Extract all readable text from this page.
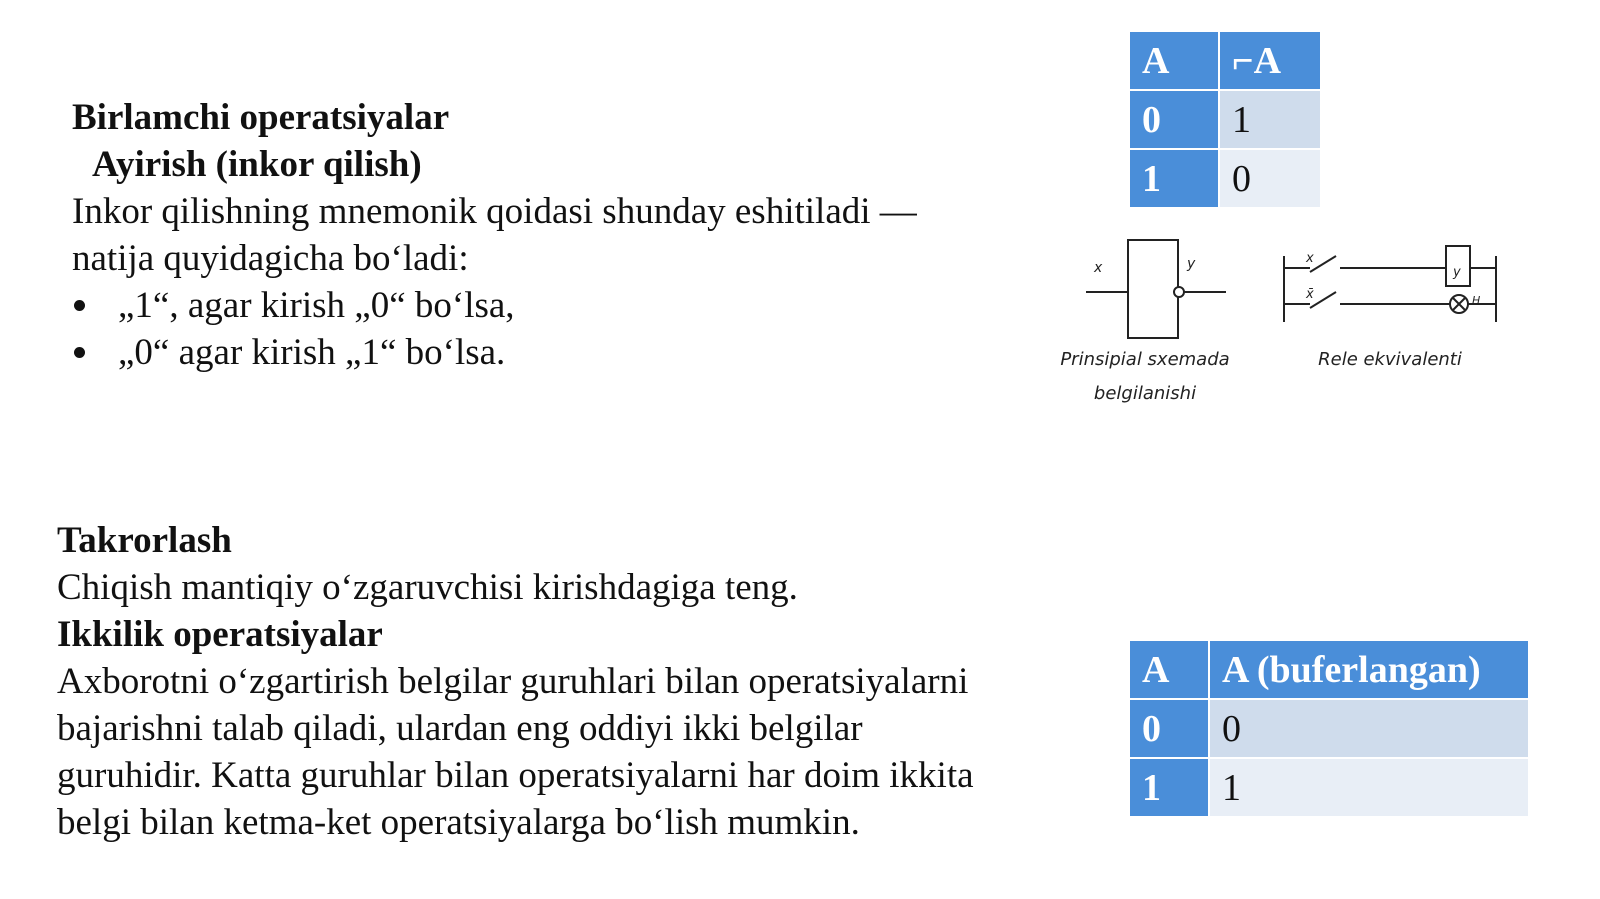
Birlamchi operatsiyalar

Ayirish (inkor qilish)

Inkor qilishning mnemonik qoidasi shunday eshitiladi —

natija quyidagicha bo‘ladi:

„1“, agar kirish „0“ bo‘lsa,
„0“ agar kirish „1“ bo‘lsa.
A	⌐A
0	1
1	0
x	y
Prinsipial sxemada
belgilanishi
x
x̄
y
H
Rele ekvivalenti

Takrorlash

Chiqish mantiqiy o‘zgaruvchisi kirishdagiga teng.

Ikkilik operatsiyalar

Axborotni o‘zgartirish belgilar guruhlari bilan operatsiyalarni

bajarishni talab qiladi, ulardan eng oddiyi ikki belgilar

guruhidir. Katta guruhlar bilan operatsiyalarni har doim ikkita

belgi bilan ketma-ket operatsiyalarga bo‘lish mumkin.

A	A (buferlangan)
0	0
1	1
